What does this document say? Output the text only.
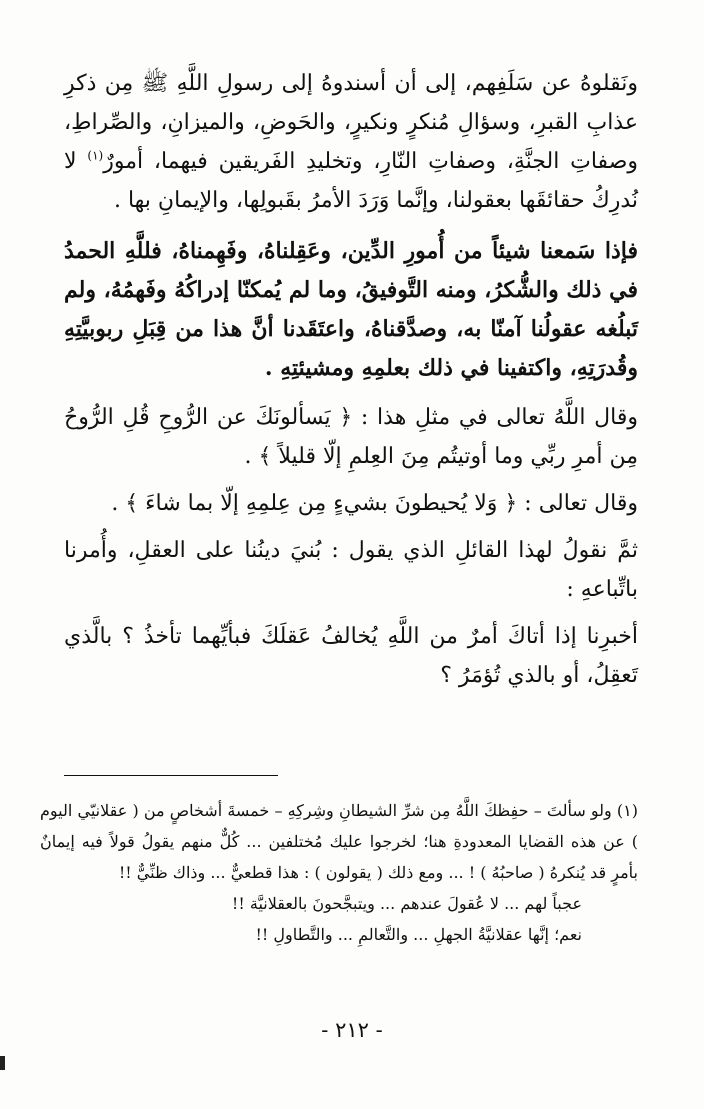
ونَقلوهُ عن سَلَفِهم، إلى أن أسندوهُ إلى رسولِ اللَّهِ ﷺ مِن ذكرِ عذابِ القبرِ، وسؤالِ مُنكرٍ ونكيرٍ، والحَوضِ، والميزانِ، والصِّراطِ، وصفاتِ الجنَّةِ، وصفاتِ النّارِ، وتخليدِ الفَريقين فيهما، أمورٌ$^{(١)}$ لا نُدرِكُ حقائقَها بعقولنا، وإنَّما وَرَدَ الأمرُ بقَبولِها، والإيمانِ بها .

فإذا سَمعنا شيئاً من أُمورِ الدِّين، وعَقِلناهُ، وفَهِمناهُ، فللَّهِ الحمدُ في ذلك والشُّكرُ، ومنه التَّوفيقُ، وما لم يُمكنّا إدراكُهُ وفَهمُهُ، ولم تَبلُغه عقولُنا آمنّا به، وصدَّقناهُ، واعتَقَدنا أنَّ هذا من قِبَلِ ربوبيَّتِهِ وقُدرَتِهِ، واكتفينا في ذلك بعلمِهِ ومشيئتِهِ .

وقال اللَّهُ تعالى في مثلِ هذا : ﴿ يَسألونَكَ عن الرُّوحِ قُلِ الرُّوحُ مِن أمرِ ربِّي وما أوتيتُم مِنَ العِلمِ إلّا قليلاً ﴾ .

وقال تعالى : ﴿ وَلا يُحيطونَ بشيءٍ مِن عِلمِهِ إلّا بما شاءَ ﴾ .

ثمَّ نقولُ لهذا القائلِ الذي يقول : بُنيَ دينُنا على العقلِ، وأُمرنا باتِّباعهِ :

أخبرِنا إذا أتاكَ أمرٌ من اللَّهِ يُخالفُ عَقلَكَ فبأيِّهما تأخذُ ؟ بالَّذي تَعقِلُ، أو بالذي تُؤمَرُ ؟

(١) ولو سألتَ – حفِظكَ اللَّهُ مِن شرِّ الشيطانِ وشِركِهِ – خمسةَ أشخاصٍ من ( عقلانيّي اليوم ) عن هذه القضايا المعدودةِ هنا؛ لخرجوا عليك مُختلفين ... كُلٌّ منهم يقولُ قولاً فيه إيمانٌ بأمرٍ قد يُنكرهُ ( صاحبُهُ ) ! ... ومع ذلك ( يقولون ) : هذا قطعيٌّ ... وذاك ظنِّيٌّ !!

عجباً لهم ... لا عُقولَ عندهم ... ويتبجَّحونَ بالعقلانيَّة !!

نعم؛ إنَّها عقلانيَّةُ الجهلِ ... والتَّعالمِ ... والتَّطاولِ !!

- ٢١٢ -
